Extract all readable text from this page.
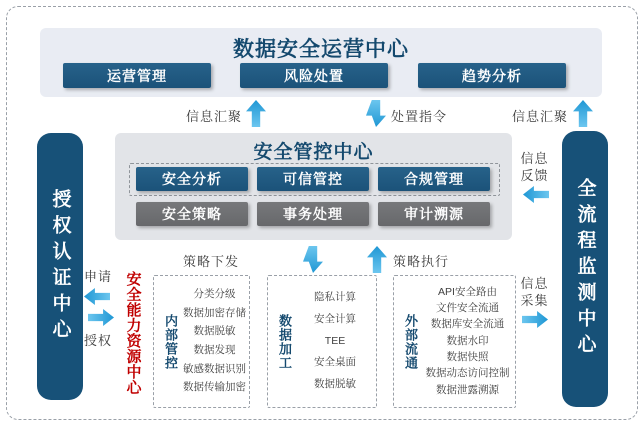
数据安全运营中心
运营管理	风险处置	趋势分析
信息汇聚	处置指令	信息汇聚
安全管控中心
安全分析	可信管控	合规管理
安全策略	事务处理	审计溯源
信息反馈
策略下发	策略执行
授权认证中心	申请
授权 安全能力资源中心	内部管控
分类分级
数据加密存储
数据脱敏
数据发现
敏感数据识别
数据传输加密
数据加工
隐私计算
安全计算
TEE
安全桌面
数据脱敏
外部流通
API安全路由
文件安全流通
数据库安全流通
数据水印
数据快照
数据动态访问控制
数据泄露溯源
信息采集	全流程监测中心
